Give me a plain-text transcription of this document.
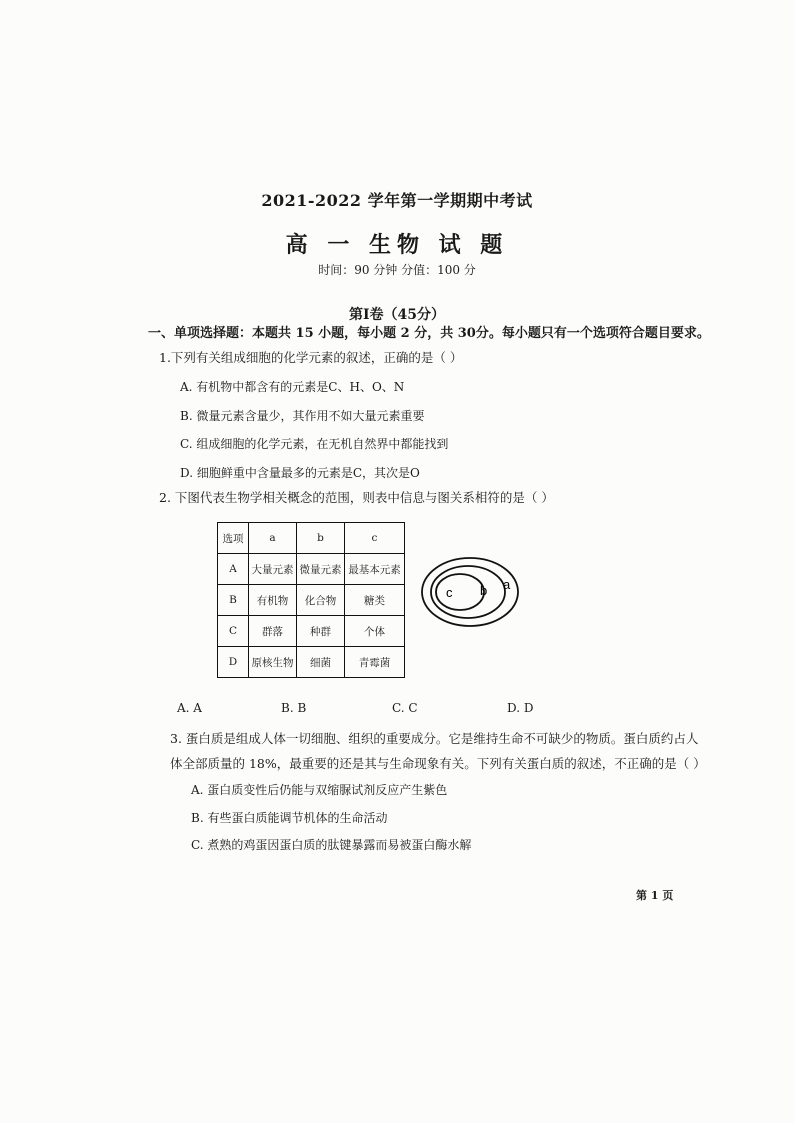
2021-2022 学年第一学期期中考试
高 一 生物 试 题
时间：90 分钟 分值：100 分
第Ⅰ卷（45分）
一、单项选择题：本题共 15 小题，每小题 2 分，共 30分。每小题只有一个选项符合题目要求。
1.下列有关组成细胞的化学元素的叙述，正确的是（ ）
A. 有机物中都含有的元素是C、H、O、N
B. 微量元素含量少，其作用不如大量元素重要
C. 组成细胞的化学元素，在无机自然界中都能找到
D. 细胞鲜重中含量最多的元素是C，其次是O
2. 下图代表生物学相关概念的范围，则表中信息与图关系相符的是（ ）
选项	a	b	c
A	大量元素	微量元素	最基本元素
B	有机物	化合物	糖类
C	群落	种群	个体
D	原核生物	细菌	青霉菌
a
b
c
A. A	B. B	C. C	D. D
3. 蛋白质是组成人体一切细胞、组织的重要成分。它是维持生命不可缺少的物质。蛋白质约占人
体全部质量的 18%，最重要的还是其与生命现象有关。下列有关蛋白质的叙述，不正确的是（ ）
A. 蛋白质变性后仍能与双缩脲试剂反应产生紫色
B. 有些蛋白质能调节机体的生命活动
C. 煮熟的鸡蛋因蛋白质的肽键暴露而易被蛋白酶水解
第 1 页
